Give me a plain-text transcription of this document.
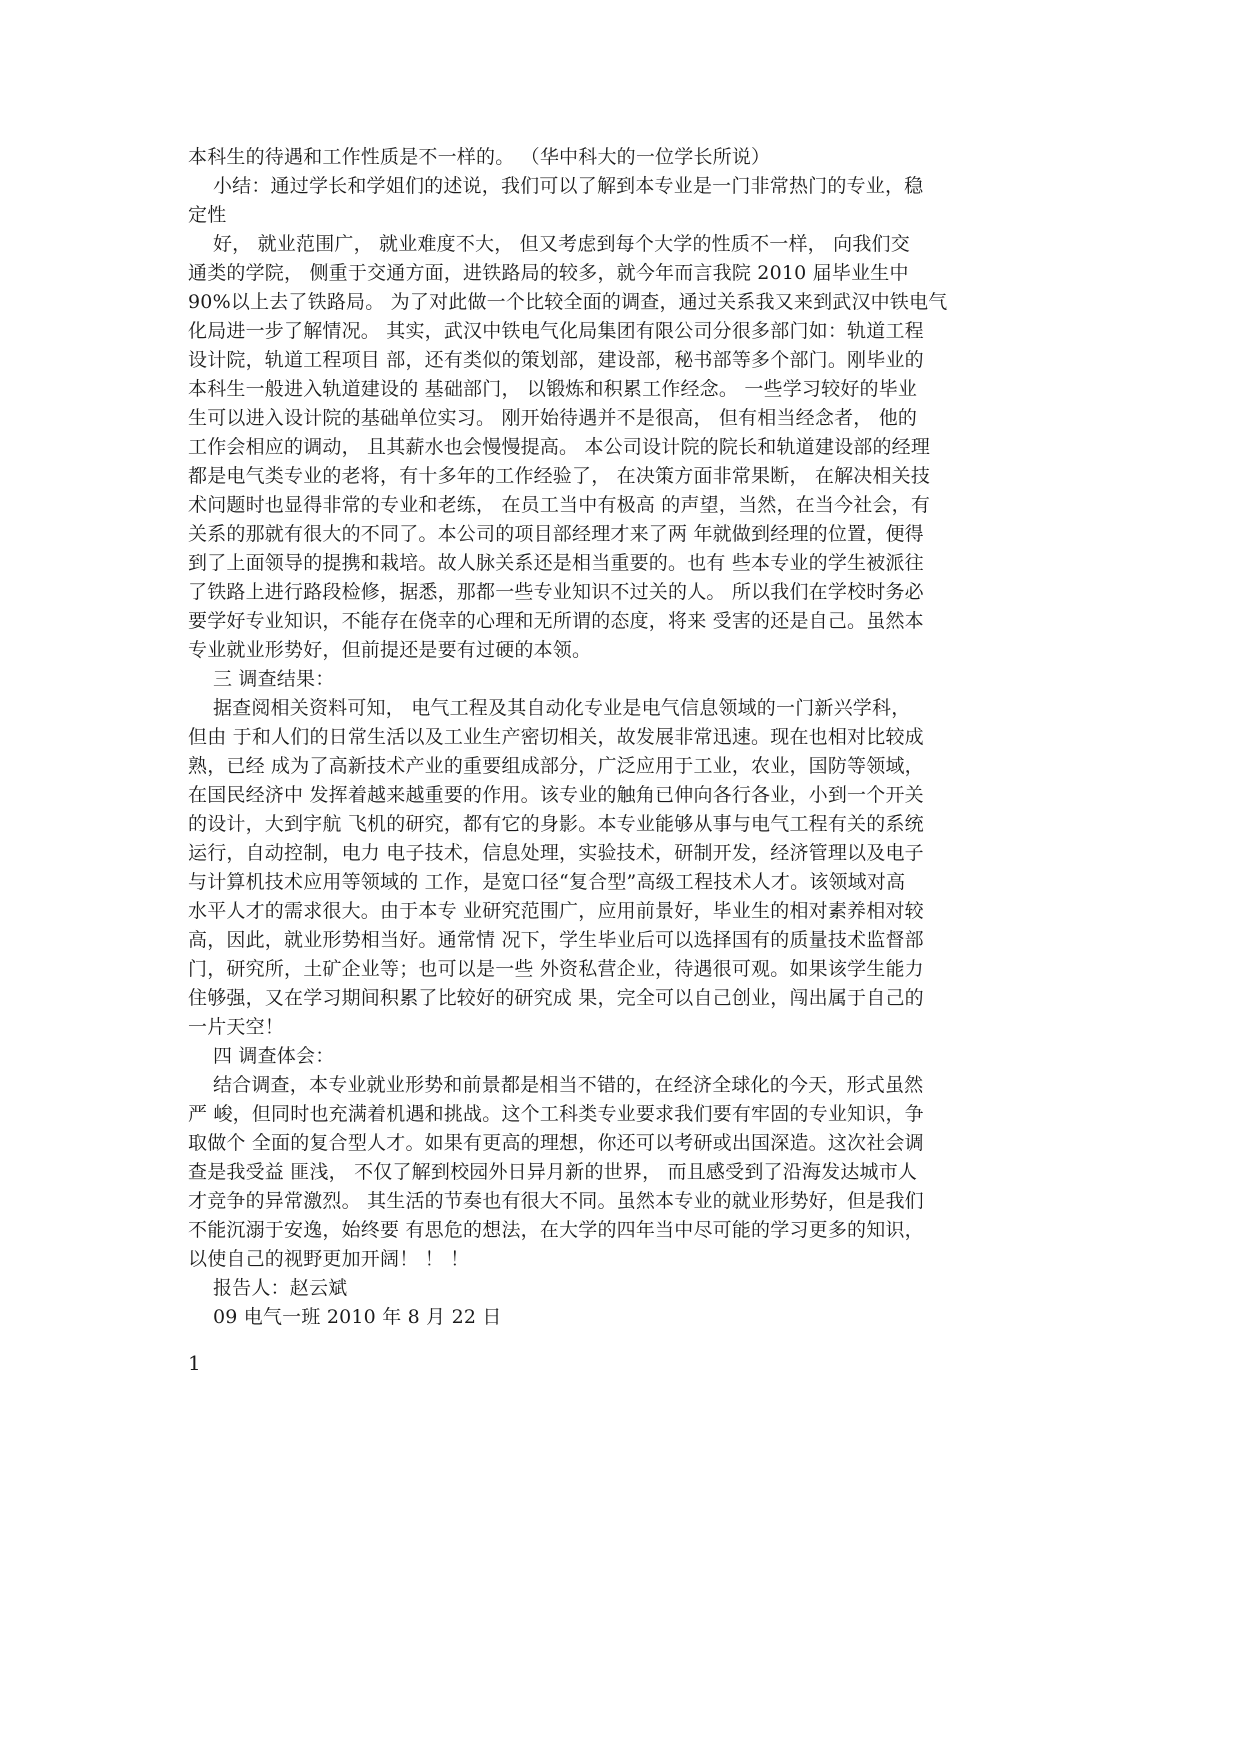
本科生的待遇和工作性质是不一样的。 （华中科大的一位学长所说）
小结：通过学长和学姐们的述说，我们可以了解到本专业是一门非常热门的专业，稳
定性
好， 就业范围广， 就业难度不大， 但又考虑到每个大学的性质不一样， 向我们交
通类的学院， 侧重于交通方面，进铁路局的较多，就今年而言我院 2010 届毕业生中
90%以上去了铁路局。 为了对此做一个比较全面的调查，通过关系我又来到武汉中铁电气
化局进一步了解情况。 其实，武汉中铁电气化局集团有限公司分很多部门如：轨道工程
设计院，轨道工程项目 部，还有类似的策划部，建设部，秘书部等多个部门。刚毕业的
本科生一般进入轨道建设的 基础部门， 以锻炼和积累工作经念。 一些学习较好的毕业
生可以进入设计院的基础单位实习。 刚开始待遇并不是很高， 但有相当经念者， 他的
工作会相应的调动， 且其薪水也会慢慢提高。 本公司设计院的院长和轨道建设部的经理
都是电气类专业的老将，有十多年的工作经验了， 在决策方面非常果断， 在解决相关技
术问题时也显得非常的专业和老练， 在员工当中有极高 的声望，当然，在当今社会，有
关系的那就有很大的不同了。本公司的项目部经理才来了两 年就做到经理的位置，便得
到了上面领导的提携和栽培。故人脉关系还是相当重要的。也有 些本专业的学生被派往
了铁路上进行路段检修，据悉，那都一些专业知识不过关的人。 所以我们在学校时务必
要学好专业知识，不能存在侥幸的心理和无所谓的态度，将来 受害的还是自己。虽然本
专业就业形势好，但前提还是要有过硬的本领。
三 调查结果：
据查阅相关资料可知， 电气工程及其自动化专业是电气信息领域的一门新兴学科，
但由 于和人们的日常生活以及工业生产密切相关，故发展非常迅速。现在也相对比较成
熟，已经 成为了高新技术产业的重要组成部分，广泛应用于工业，农业，国防等领域，
在国民经济中 发挥着越来越重要的作用。该专业的触角已伸向各行各业，小到一个开关
的设计，大到宇航 飞机的研究，都有它的身影。本专业能够从事与电气工程有关的系统
运行，自动控制，电力 电子技术，信息处理，实验技术，研制开发，经济管理以及电子
与计算机技术应用等领域的 工作，是宽口径“复合型”高级工程技术人才。该领域对高
水平人才的需求很大。由于本专 业研究范围广，应用前景好，毕业生的相对素养相对较
高，因此，就业形势相当好。通常情 况下，学生毕业后可以选择国有的质量技术监督部
门，研究所，土矿企业等；也可以是一些 外资私营企业，待遇很可观。如果该学生能力
住够强，又在学习期间积累了比较好的研究成 果，完全可以自己创业，闯出属于自己的
一片天空！
四 调查体会：
结合调查，本专业就业形势和前景都是相当不错的，在经济全球化的今天，形式虽然
严 峻，但同时也充满着机遇和挑战。这个工科类专业要求我们要有牢固的专业知识，争
取做个 全面的复合型人才。如果有更高的理想，你还可以考研或出国深造。这次社会调
查是我受益 匪浅， 不仅了解到校园外日异月新的世界， 而且感受到了沿海发达城市人
才竞争的异常激烈。 其生活的节奏也有很大不同。虽然本专业的就业形势好，但是我们
不能沉溺于安逸，始终要 有思危的想法，在大学的四年当中尽可能的学习更多的知识，
以使自己的视野更加开阔！ ！ ！
报告人：赵云斌
09 电气一班 2010 年 8 月 22 日
1
